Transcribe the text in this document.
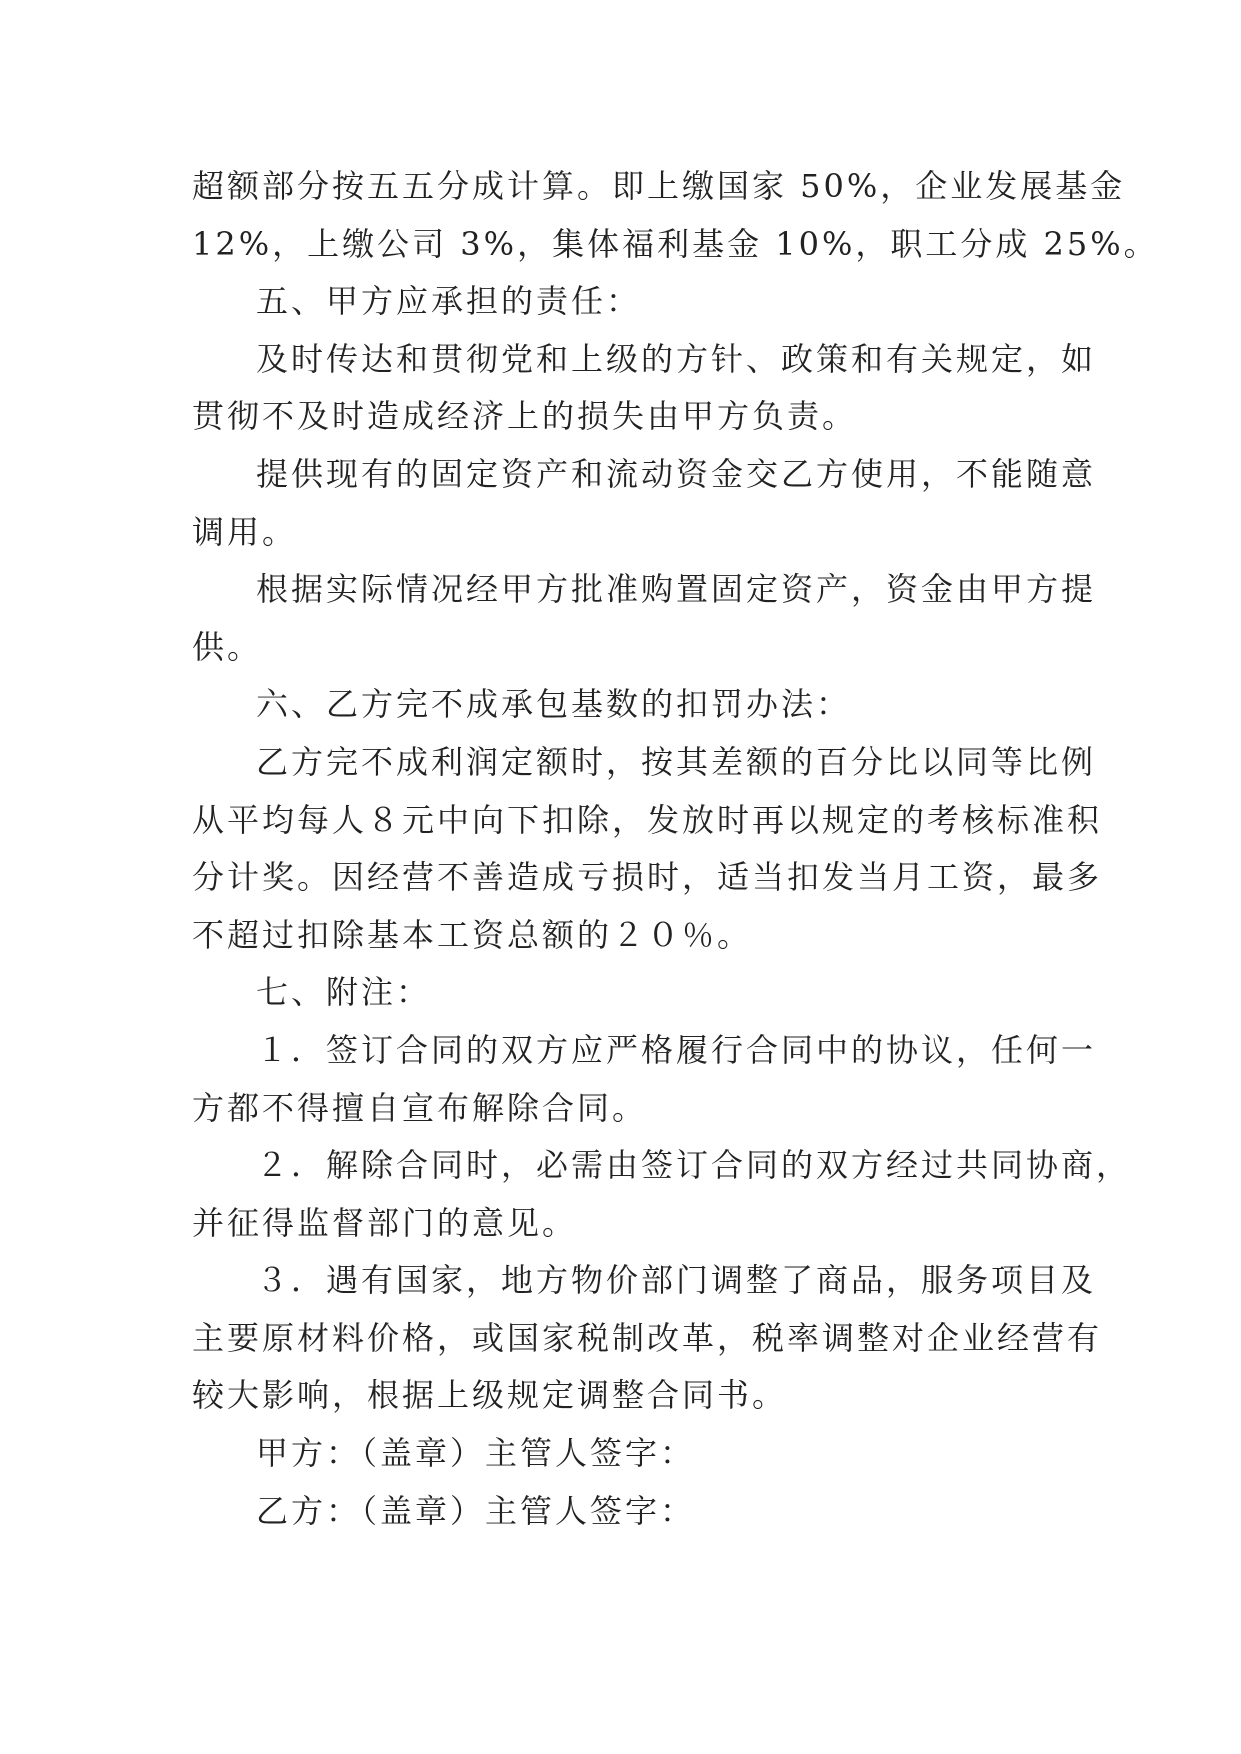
超额部分按五五分成计算。即上缴国家 50%，企业发展基金
12%，上缴公司 3%，集体福利基金 10%，职工分成 25%。
五、甲方应承担的责任：
及时传达和贯彻党和上级的方针、政策和有关规定，如
贯彻不及时造成经济上的损失由甲方负责。
提供现有的固定资产和流动资金交乙方使用，不能随意
调用。
根据实际情况经甲方批准购置固定资产，资金由甲方提
供。
六、乙方完不成承包基数的扣罚办法：
乙方完不成利润定额时，按其差额的百分比以同等比例
从平均每人８元中向下扣除，发放时再以规定的考核标准积
分计奖。因经营不善造成亏损时，适当扣发当月工资，最多
不超过扣除基本工资总额的２０％。
七、附注：
１．签订合同的双方应严格履行合同中的协议，任何一
方都不得擅自宣布解除合同。
２．解除合同时，必需由签订合同的双方经过共同协商，
并征得监督部门的意见。
３．遇有国家，地方物价部门调整了商品，服务项目及
主要原材料价格，或国家税制改革，税率调整对企业经营有
较大影响，根据上级规定调整合同书。
甲方：（盖章）主管人签字：
乙方：（盖章）主管人签字：
